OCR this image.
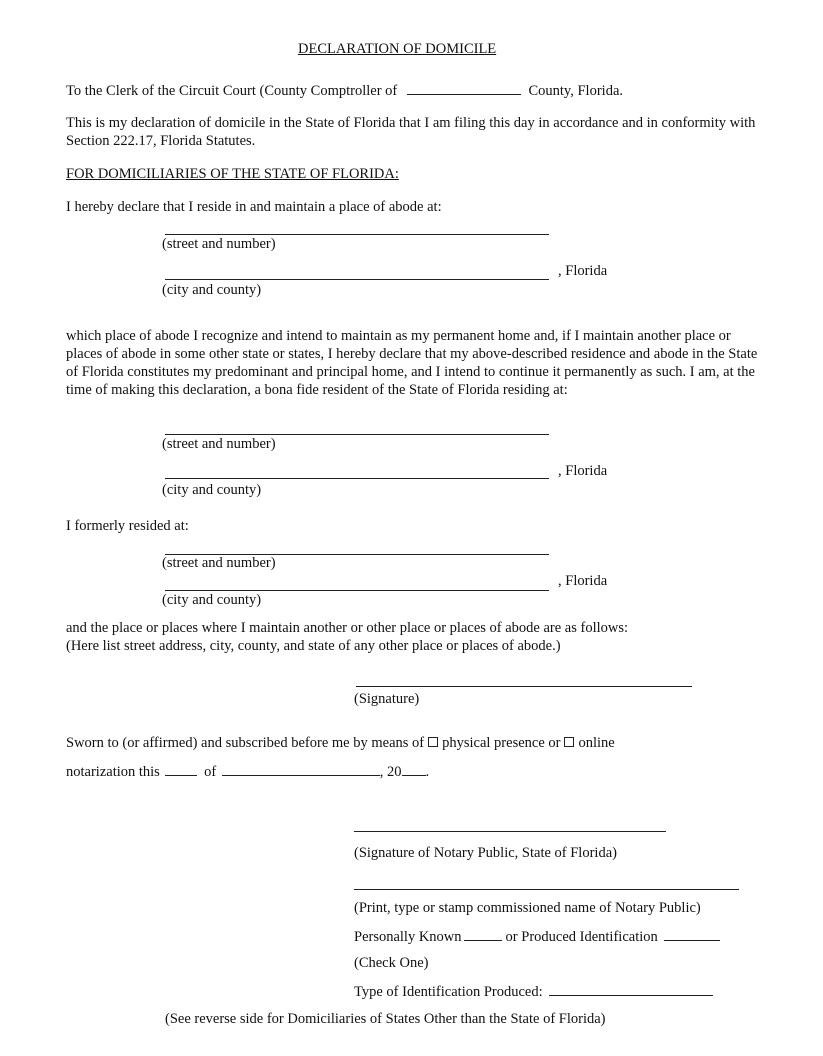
DECLARATION OF DOMICILE
To the Clerk of the Circuit Court (County Comptroller of	County, Florida.
This is my declaration of domicile in the State of Florida that I am filing this day in accordance and in conformity with Section 222.17, Florida Statutes.
FOR DOMICILIARIES OF THE STATE OF FLORIDA:
I hereby declare that I reside in and maintain a place of abode at:
(street and number)
, Florida
(city and county)
which place of abode I recognize and intend to maintain as my permanent home and, if I maintain another place or places of abode in some other state or states, I hereby declare that my above-described residence and abode in the State of Florida constitutes my predominant and principal home, and I intend to continue it permanently as such. I am, at the time of making this declaration, a bona fide resident of the State of Florida residing at:
(street and number)
, Florida
(city and county)
I formerly resided at:
(street and number)
, Florida
(city and county)
and the place or places where I maintain another or other place or places of abode are as follows:
(Here list street address, city, county, and state of any other place or places of abode.)
(Signature)
Sworn to (or affirmed) and subscribed before me by means of physical presence or online
notarization this	of	, 20 .
(Signature of Notary Public, State of Florida)
(Print, type or stamp commissioned name of Notary Public)
Personally Known	or Produced Identification
(Check One)
Type of Identification Produced:
(See reverse side for Domiciliaries of States Other than the State of Florida)
